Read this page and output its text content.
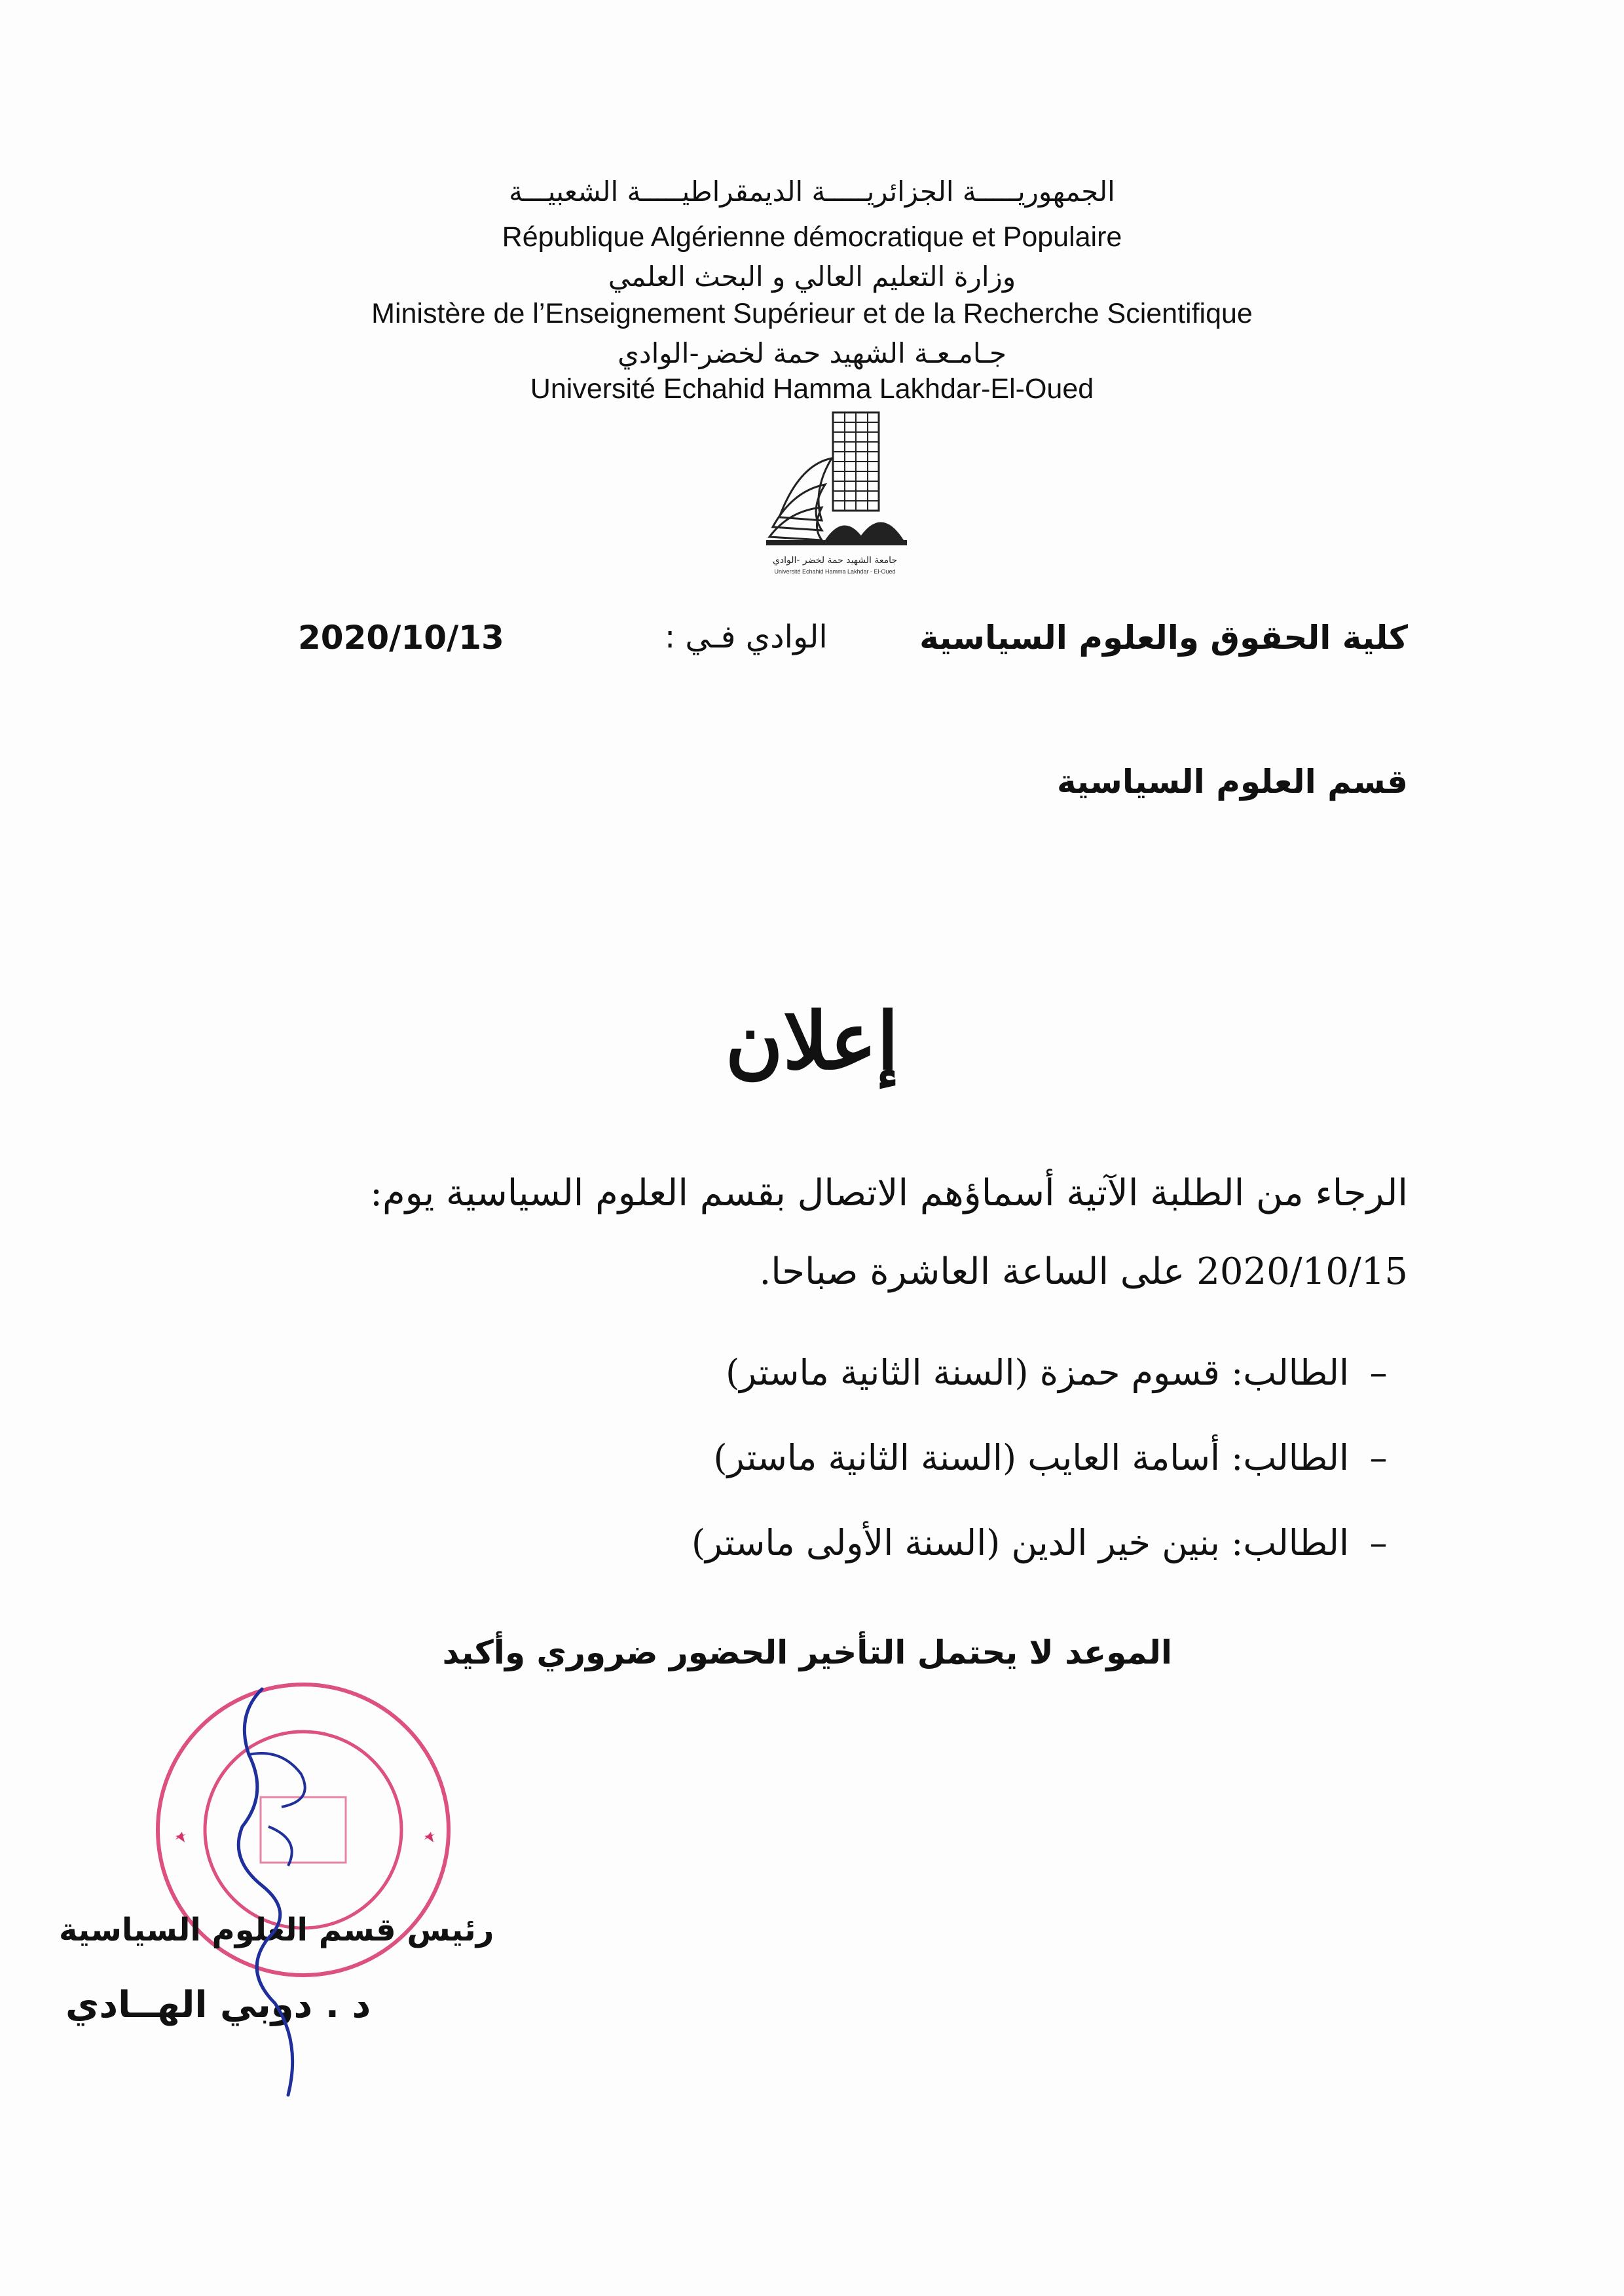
الجمهوريـــــة الجزائريـــــة الديمقراطيـــــة الشعبيـــة
République Algérienne démocratique et Populaire
وزارة التعليم العالي و البحث العلمي
Ministère de l’Enseignement Supérieur et de la Recherche Scientifique
جـامـعـة الشهيد حمة لخضر-الوادي
Université Echahid Hamma Lakhdar-El-Oued
جامعة الشهيد حمة لخضر -الوادي
Université Echahid Hamma Lakhdar - El-Oued
كلية الحقوق والعلوم السياسية
الوادي فـي :
2020/10/13
قسم العلوم السياسية
إعلان
الرجاء من الطلبة الآتية أسماؤهم الاتصال بقسم العلوم السياسية يوم:
2020/10/15 على الساعة العاشرة صباحا.
–الطالب: قسوم حمزة (السنة الثانية ماستر)
–الطالب: أسامة العايب (السنة الثانية ماستر)
–الطالب: بنين خير الدين (السنة الأولى ماستر)
الموعد لا يحتمل التأخير الحضور ضروري وأكيد
رئيس قسم العلوم السياسية
د . دوبي الهــادي
